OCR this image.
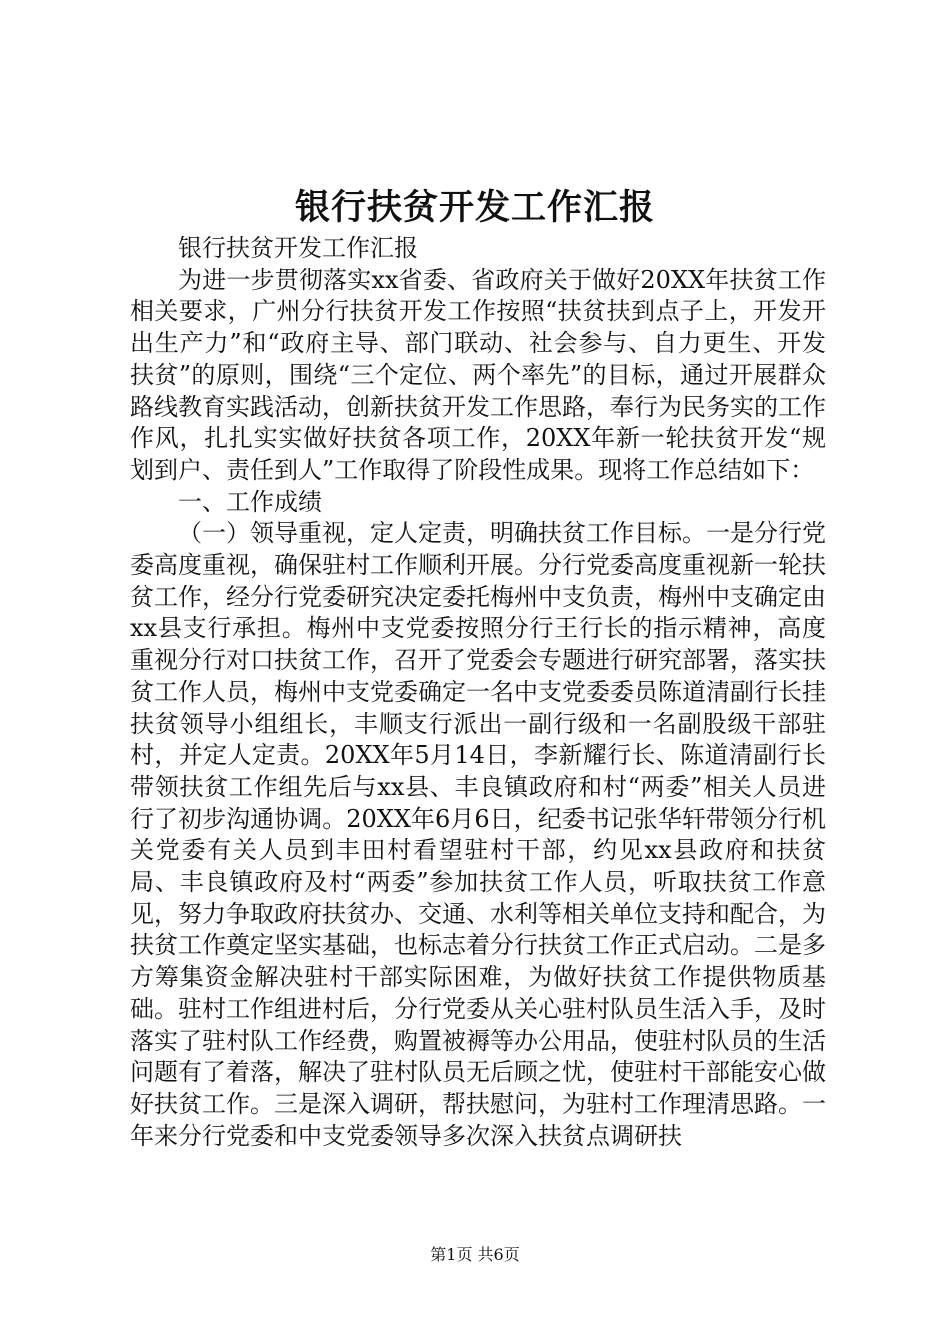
银行扶贫开发工作汇报

银行扶贫开发工作汇报

为进一步贯彻落实xx省委、省政府关于做好20XX年扶贫工作相关要求，广州分行扶贫开发工作按照“扶贫扶到点子上，开发开出生产力”和“政府主导、部门联动、社会参与、自力更生、开发扶贫”的原则，围绕“三个定位、两个率先”的目标，通过开展群众路线教育实践活动，创新扶贫开发工作思路，奉行为民务实的工作作风，扎扎实实做好扶贫各项工作，20XX年新一轮扶贫开发“规划到户、责任到人”工作取得了阶段性成果。现将工作总结如下：

一、工作成绩

（一）领导重视，定人定责，明确扶贫工作目标。一是分行党委高度重视，确保驻村工作顺利开展。分行党委高度重视新一轮扶贫工作，经分行党委研究决定委托梅州中支负责，梅州中支确定由xx县支行承担。梅州中支党委按照分行王行长的指示精神，高度重视分行对口扶贫工作，召开了党委会专题进行研究部署，落实扶贫工作人员，梅州中支党委确定一名中支党委委员陈道清副行长挂扶贫领导小组组长，丰顺支行派出一副行级和一名副股级干部驻村，并定人定责。20XX年5月14日，李新耀行长、陈道清副行长带领扶贫工作组先后与xx县、丰良镇政府和村“两委”相关人员进行了初步沟通协调。20XX年6月6日，纪委书记张华轩带领分行机关党委有关人员到丰田村看望驻村干部，约见xx县政府和扶贫局、丰良镇政府及村“两委”参加扶贫工作人员，听取扶贫工作意见，努力争取政府扶贫办、交通、水利等相关单位支持和配合，为扶贫工作奠定坚实基础，也标志着分行扶贫工作正式启动。二是多方筹集资金解决驻村干部实际困难，为做好扶贫工作提供物质基础。驻村工作组进村后，分行党委从关心驻村队员生活入手，及时落实了驻村队工作经费，购置被褥等办公用品，使驻村队员的生活问题有了着落，解决了驻村队员无后顾之忧，使驻村干部能安心做好扶贫工作。三是深入调研，帮扶慰问，为驻村工作理清思路。一年来分行党委和中支党委领导多次深入扶贫点调研扶

第1页 共6页
